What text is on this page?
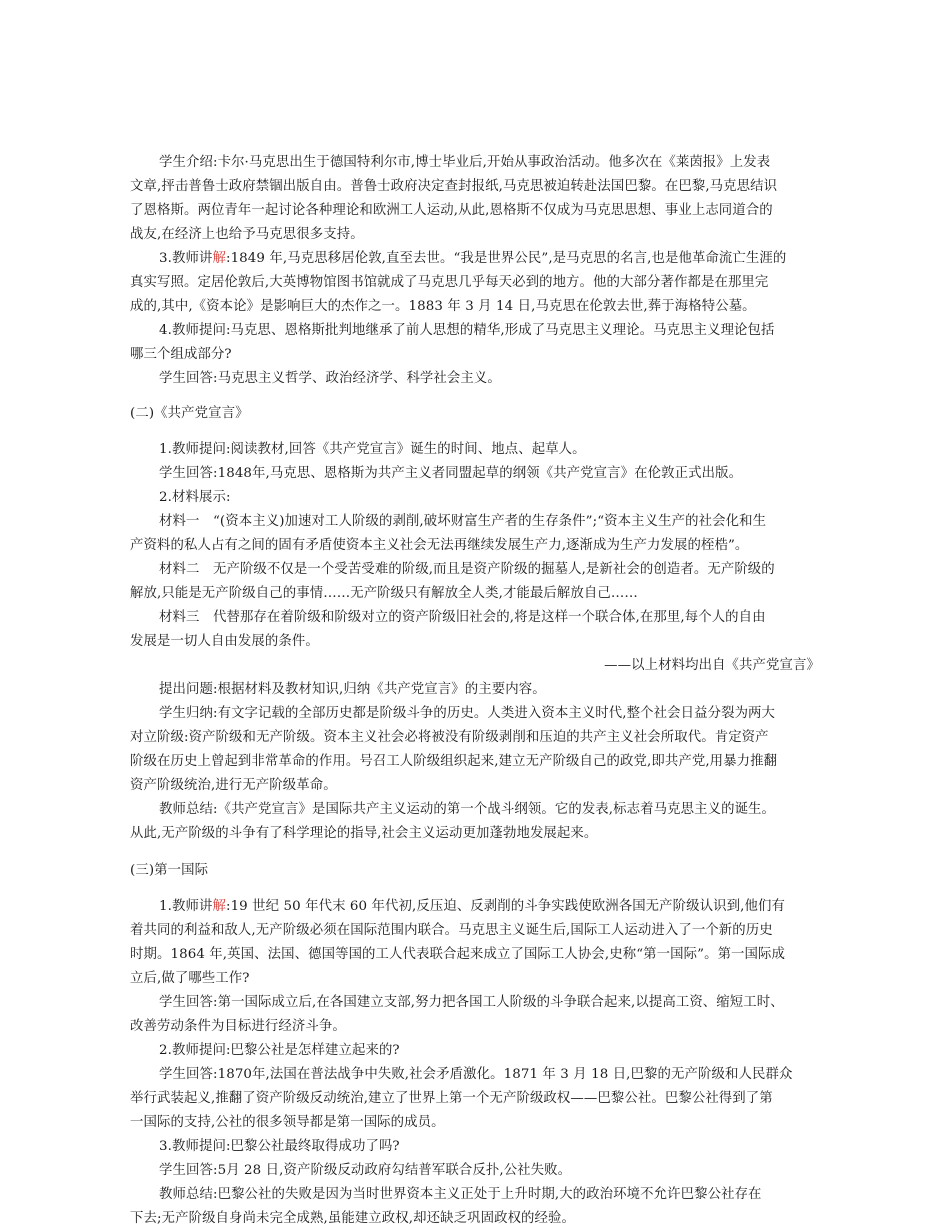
学生介绍:卡尔·马克思出生于德国特利尔市,博士毕业后,开始从事政治活动。他多次在《莱茵报》上发表
文章,抨击普鲁士政府禁锢出版自由。普鲁士政府决定查封报纸,马克思被迫转赴法国巴黎。在巴黎,马克思结识
了恩格斯。两位青年一起讨论各种理论和欧洲工人运动,从此,恩格斯不仅成为马克思思想、事业上志同道合的
战友,在经济上也给予马克思很多支持。
3.教师讲解:1849 年,马克思移居伦敦,直至去世。“我是世界公民”,是马克思的名言,也是他革命流亡生涯的
真实写照。定居伦敦后,大英博物馆图书馆就成了马克思几乎每天必到的地方。他的大部分著作都是在那里完
成的,其中,《资本论》是影响巨大的杰作之一。1883 年 3 月 14 日,马克思在伦敦去世,葬于海格特公墓。
4.教师提问:马克思、恩格斯批判地继承了前人思想的精华,形成了马克思主义理论。马克思主义理论包括
哪三个组成部分?
学生回答:马克思主义哲学、政治经济学、科学社会主义。
(二)《共产党宣言》
1.教师提问:阅读教材,回答《共产党宣言》诞生的时间、地点、起草人。
学生回答:1848年,马克思、恩格斯为共产主义者同盟起草的纲领《共产党宣言》在伦敦正式出版。
2.材料展示:
材料一　“(资本主义)加速对工人阶级的剥削,破坏财富生产者的生存条件”;“资本主义生产的社会化和生
产资料的私人占有之间的固有矛盾使资本主义社会无法再继续发展生产力,逐渐成为生产力发展的桎梏”。
材料二　无产阶级不仅是一个受苦受难的阶级,而且是资产阶级的掘墓人,是新社会的创造者。无产阶级的
解放,只能是无产阶级自己的事情……无产阶级只有解放全人类,才能最后解放自己……
材料三　代替那存在着阶级和阶级对立的资产阶级旧社会的,将是这样一个联合体,在那里,每个人的自由
发展是一切人自由发展的条件。
——以上材料均出自《共产党宣言》
提出问题:根据材料及教材知识,归纳《共产党宣言》的主要内容。
学生归纳:有文字记载的全部历史都是阶级斗争的历史。人类进入资本主义时代,整个社会日益分裂为两大
对立阶级:资产阶级和无产阶级。资本主义社会必将被没有阶级剥削和压迫的共产主义社会所取代。肯定资产
阶级在历史上曾起到非常革命的作用。号召工人阶级组织起来,建立无产阶级自己的政党,即共产党,用暴力推翻
资产阶级统治,进行无产阶级革命。
教师总结:《共产党宣言》是国际共产主义运动的第一个战斗纲领。它的发表,标志着马克思主义的诞生。
从此,无产阶级的斗争有了科学理论的指导,社会主义运动更加蓬勃地发展起来。
(三)第一国际
1.教师讲解:19 世纪 50 年代末 60 年代初,反压迫、反剥削的斗争实践使欧洲各国无产阶级认识到,他们有
着共同的利益和敌人,无产阶级必须在国际范围内联合。马克思主义诞生后,国际工人运动进入了一个新的历史
时期。1864 年,英国、法国、德国等国的工人代表联合起来成立了国际工人协会,史称“第一国际”。第一国际成
立后,做了哪些工作?
学生回答:第一国际成立后,在各国建立支部,努力把各国工人阶级的斗争联合起来,以提高工资、缩短工时、
改善劳动条件为目标进行经济斗争。
2.教师提问:巴黎公社是怎样建立起来的?
学生回答:1870年,法国在普法战争中失败,社会矛盾激化。1871 年 3 月 18 日,巴黎的无产阶级和人民群众
举行武装起义,推翻了资产阶级反动统治,建立了世界上第一个无产阶级政权——巴黎公社。巴黎公社得到了第
一国际的支持,公社的很多领导都是第一国际的成员。
3.教师提问:巴黎公社最终取得成功了吗?
学生回答:5月 28 日,资产阶级反动政府勾结普军联合反扑,公社失败。
教师总结:巴黎公社的失败是因为当时世界资本主义正处于上升时期,大的政治环境不允许巴黎公社存在
下去;无产阶级自身尚未完全成熟,虽能建立政权,却还缺乏巩固政权的经验。
